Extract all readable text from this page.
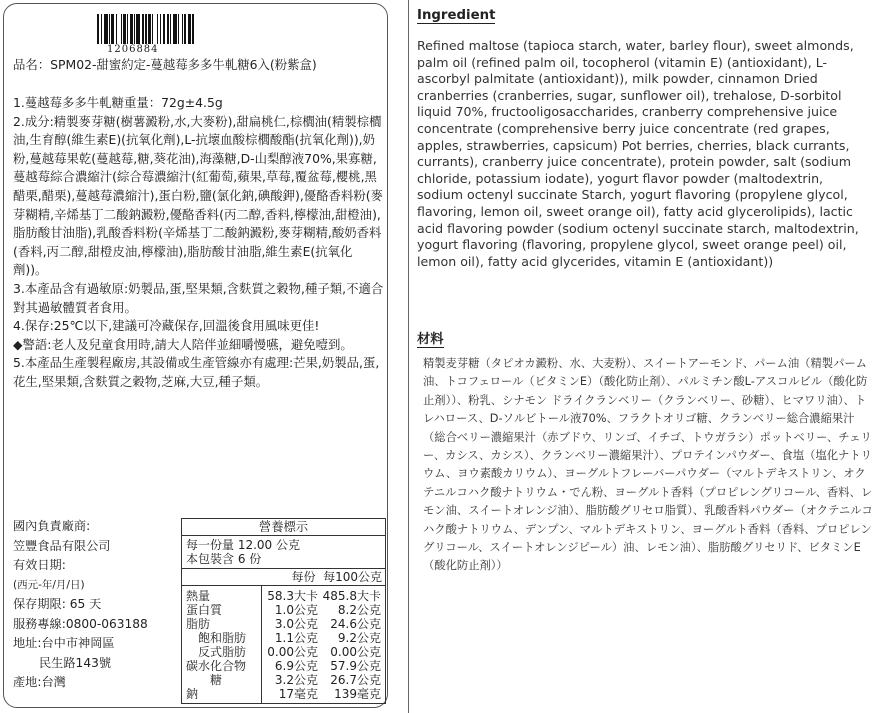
1206884
品名：SPM02-甜蜜約定-蔓越莓多多牛軋糖6入(粉紫盒)

1.蔓越莓多多牛軋糖重量：72g±4.5g

2.成分:精製麥芽糖(樹薯澱粉,水,大麥粉),甜扁桃仁,棕櫚油(精製棕櫚油,生育醇(維生素E)(抗氧化劑),L-抗壞血酸棕櫚酸酯(抗氧化劑)),奶粉,蔓越莓果乾(蔓越莓,糖,葵花油),海藻糖,D-山梨醇液70%,果寡糖,蔓越莓綜合濃縮汁(綜合莓濃縮汁(紅葡萄,蘋果,草莓,覆盆莓,櫻桃,黑醋栗,醋栗),蔓越莓濃縮汁),蛋白粉,鹽(氯化鈉,碘酸鉀),優酪香料粉(麥芽糊精,辛烯基丁二酸鈉澱粉,優酪香料(丙二醇,香料,檸檬油,甜橙油),脂肪酸甘油脂),乳酸香料粉(辛烯基丁二酸鈉澱粉,麥芽糊精,酸奶香料(香料,丙二醇,甜橙皮油,檸檬油),脂肪酸甘油脂,維生素E(抗氧化劑))。

3.本產品含有過敏原:奶製品,蛋,堅果類,含麩質之穀物,種子類,不適合對其過敏體質者食用。

4.保存:25℃以下,建議可冷藏保存,回溫後食用風味更佳!

◆警語:老人及兒童食用時,請大人陪伴並細嚼慢嚥，避免噎到。

5.本產品生產製程廠房,其設備或生產管線亦有處理:芒果,奶製品,蛋,花生,堅果類,含麩質之穀物,芝麻,大豆,種子類。

國內負責廠商:

笠豐食品有限公司

有效日期:

(西元-年/月/日)

保存期限: 65 天

服務專線:0800-063188

地址:台中市神岡區

民生路143號

產地:台灣

營養標示
每一份量 12.00 公克
本包裝含 6 份
每份 每100公克
熱量	58.3大卡 485.8大卡
蛋白質	1.0公克	8.2公克
脂肪	3.0公克	24.6公克
飽和脂肪	1.1公克	9.2公克
反式脂肪	0.00公克	0.00公克
碳水化合物	6.9公克	57.9公克
糖	3.2公克	26.7公克
鈉	17毫克	139毫克
Ingredient
Refined maltose (tapioca starch, water, barley flour), sweet almonds, palm oil (refined palm oil, tocopherol (vitamin E) (antioxidant), L-ascorbyl palmitate (antioxidant)), milk powder, cinnamon Dried cranberries (cranberries, sugar, sunflower oil), trehalose, D-sorbitol liquid 70%, fructooligosaccharides, cranberry comprehensive juice concentrate (comprehensive berry juice concentrate (red grapes, apples, strawberries, capsicum) Pot berries, cherries, black currants, currants), cranberry juice concentrate), protein powder, salt (sodium chloride, potassium iodate), yogurt flavor powder (maltodextrin, sodium octenyl succinate Starch, yogurt flavoring (propylene glycol, flavoring, lemon oil, sweet orange oil), fatty acid glycerolipids), lactic acid flavoring powder (sodium octenyl succinate starch, maltodextrin, yogurt flavoring (flavoring, propylene glycol, sweet orange peel) oil, lemon oil), fatty acid glycerides, vitamin E (antioxidant))
材料
精製麦芽糖（タピオカ澱粉、水、大麦粉）、スイートアーモンド、パーム油（精製パーム油、トコフェロール（ビタミンE）（酸化防止剤）、パルミチン酸L-アスコルビル（酸化防止剤））、粉乳、シナモン ドライクランベリー（クランベリー、砂糖）、ヒマワリ油）、トレハロース、D-ソルビトール液70%、フラクトオリゴ糖、クランベリー総合濃縮果汁（総合ベリー濃縮果汁（赤ブドウ、リンゴ、イチゴ、トウガラシ）ポットベリー、チェリー、カシス、カシス）、クランベリー濃縮果汁）、プロテインパウダー、食塩（塩化ナトリウム、ヨウ素酸カリウム）、ヨーグルトフレーバーパウダー（マルトデキストリン、オクテニルコハク酸ナトリウム・でん粉、ヨーグルト香料（プロピレングリコール、香料、レモン油、スイートオレンジ油）、脂肪酸グリセロ脂質）、乳酸香料パウダー（オクテニルコハク酸ナトリウム、デンプン、マルトデキストリン、ヨーグルト香料（香料、プロピレングリコール、スイートオレンジピール）油、レモン油）、脂肪酸グリセリド、ビタミンE（酸化防止剤））
